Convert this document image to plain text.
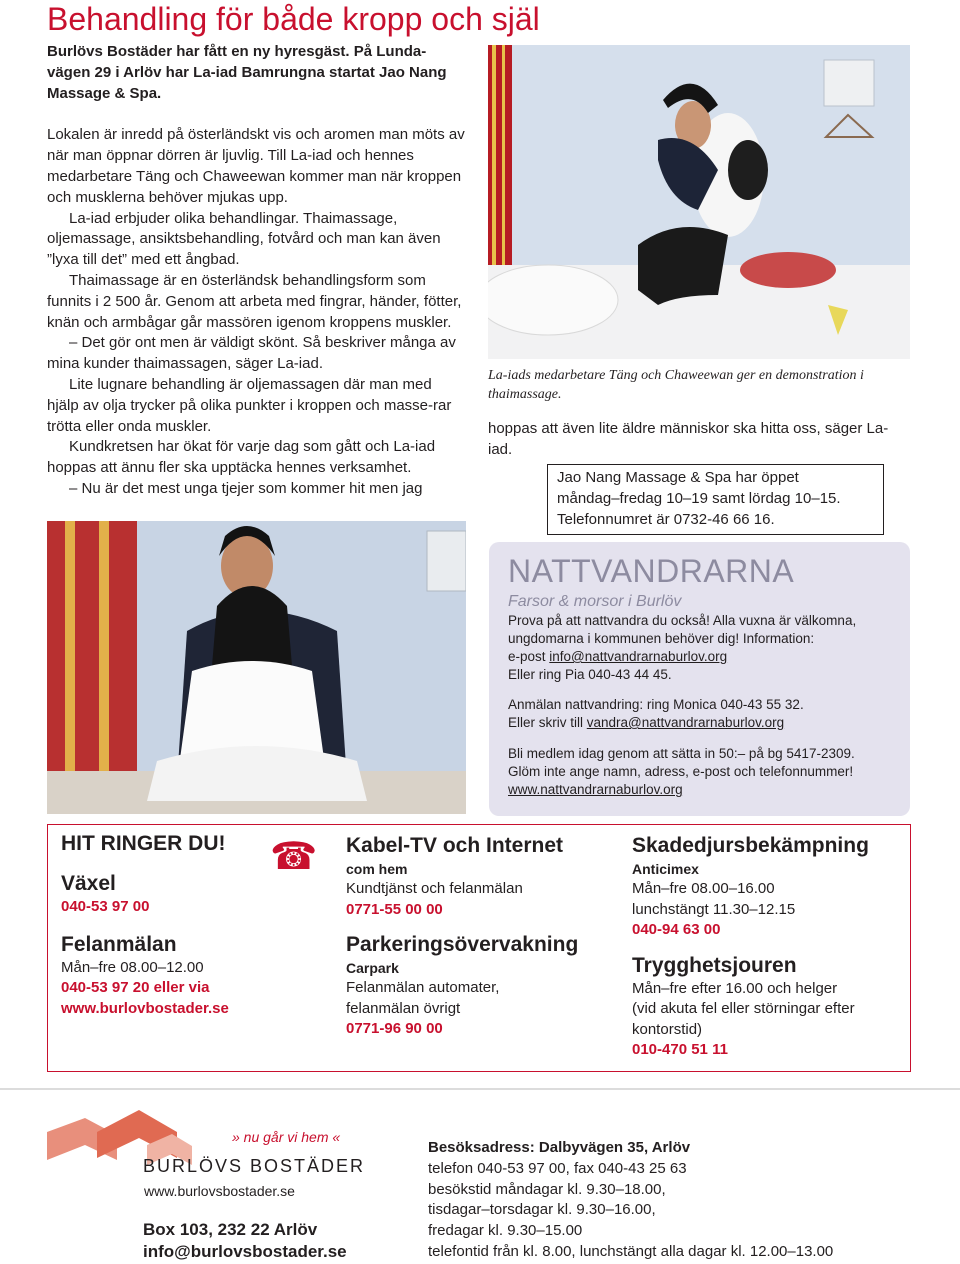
Behandling för både kropp och själ

Burlövs Bostäder har fått en ny hyresgäst. På Lunda-vägen 29 i Arlöv har La-iad Bamrungna startat Jao Nang Massage & Spa.

Lokalen är inredd på österländskt vis och aromen man möts av när man öppnar dörren är ljuvlig. Till La-iad och hennes medarbetare Täng och Chaweewan kommer man när kroppen och musklerna behöver mjukas upp.

La-iad erbjuder olika behandlingar. Thaimassage, oljemassage, ansiktsbehandling, fotvård och man kan även ”lyxa till det” med ett ångbad.

Thaimassage är en österländsk behandlingsform som funnits i 2 500 år. Genom att arbeta med fingrar, händer, fötter, knän och armbågar går massören igenom kroppens muskler.

– Det gör ont men är väldigt skönt. Så beskriver många av mina kunder thaimassagen, säger La-iad.

Lite lugnare behandling är oljemassagen där man med hjälp av olja trycker på olika punkter i kroppen och masse-rar trötta eller onda muskler.

Kundkretsen har ökat för varje dag som gått och La-iad hoppas att ännu fler ska upptäcka hennes verksamhet.

– Nu är det mest unga tjejer som kommer hit men jag

La-iads medarbetare Täng och Chaweewan ger en demonstration i thaimassage.

hoppas att även lite äldre människor ska hitta oss, säger La-iad.

Jao Nang Massage & Spa har öppet
måndag–fredag 10–19 samt lördag 10–15.
Telefonnumret är 0732-46 66 16.
NATTVANDRARNA
Farsor & morsor i Burlöv
Prova på att nattvandra du också! Alla vuxna är välkomna,
ungdomarna i kommunen behöver dig! Information:
e-post info@nattvandrarnaburlov.org
Eller ring Pia 040-43 44 45.
Anmälan nattvandring: ring Monica 040-43 55 32.
Eller skriv till vandra@nattvandrarnaburlov.org
Bli medlem idag genom att sätta in 50:– på bg 5417-2309.
Glöm inte ange namn, adress, e-post och telefonnummer!
www.nattvandrarnaburlov.org
HIT RINGER DU!
Växel
040-53 97 00
Felanmälan
Mån–fre 08.00–12.00
040-53 97 20 eller via
www.burlovbostader.se
☎ Kabel-TV och Internet
com hem
Kundtjänst och felanmälan
0771-55 00 00
Parkeringsövervakning
Carpark
Felanmälan automater,
felanmälan övrigt
0771-96 90 00
Skadedjursbekämpning
Anticimex
Mån–fre 08.00–16.00
lunchstängt 11.30–12.15
040-94 63 00
Trygghetsjouren
Mån–fre efter 16.00 och helger
(vid akuta fel eller störningar efter
kontorstid)
010-470 51 11
» nu går vi hem «
BURLÖVS BOSTÄDER
www.burlovsbostader.se
Box 103, 232 22 Arlöv
info@burlovsbostader.se
Besöksadress: Dalbyvägen 35, Arlöv
telefon 040-53 97 00, fax 040-43 25 63
besökstid måndagar kl. 9.30–18.00,
tisdagar–torsdagar kl. 9.30–16.00,
fredagar kl. 9.30–15.00
telefontid från kl. 8.00, lunchstängt alla dagar kl. 12.00–13.00
